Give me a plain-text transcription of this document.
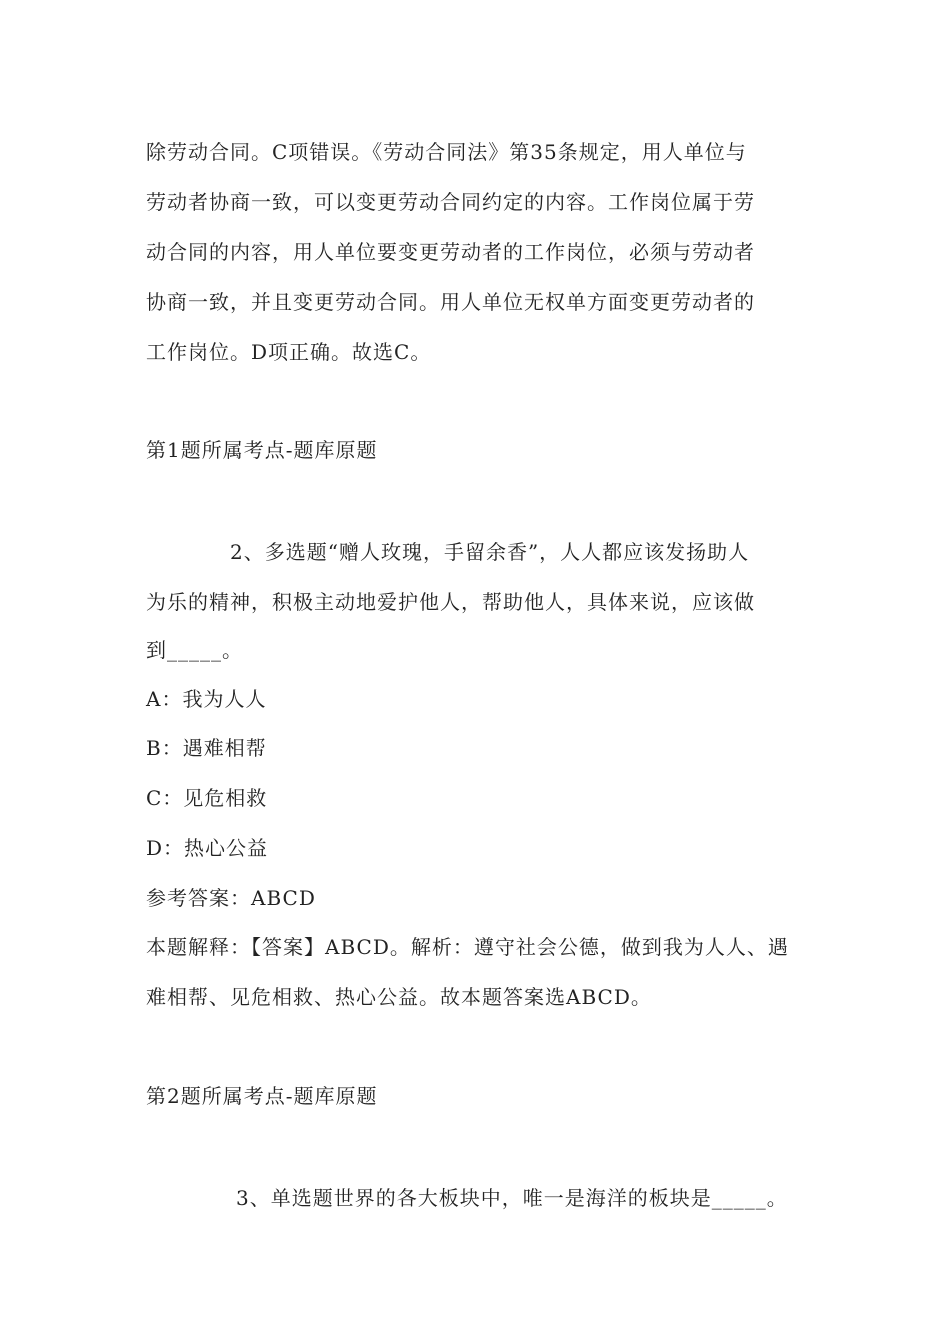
除劳动合同。C项错误。《劳动合同法》第35条规定，用人单位与
劳动者协商一致，可以变更劳动合同约定的内容。工作岗位属于劳
动合同的内容，用人单位要变更劳动者的工作岗位，必须与劳动者
协商一致，并且变更劳动合同。用人单位无权单方面变更劳动者的
工作岗位。D项正确。故选C。
第1题所属考点-题库原题
2、多选题“赠人玫瑰，手留余香”，人人都应该发扬助人
为乐的精神，积极主动地爱护他人，帮助他人，具体来说，应该做
到_____。
A：我为人人
B：遇难相帮
C：见危相救
D：热心公益
参考答案：ABCD
本题解释：【答案】ABCD。解析：遵守社会公德，做到我为人人、遇
难相帮、见危相救、热心公益。故本题答案选ABCD。
第2题所属考点-题库原题
3、单选题世界的各大板块中，唯一是海洋的板块是_____。
